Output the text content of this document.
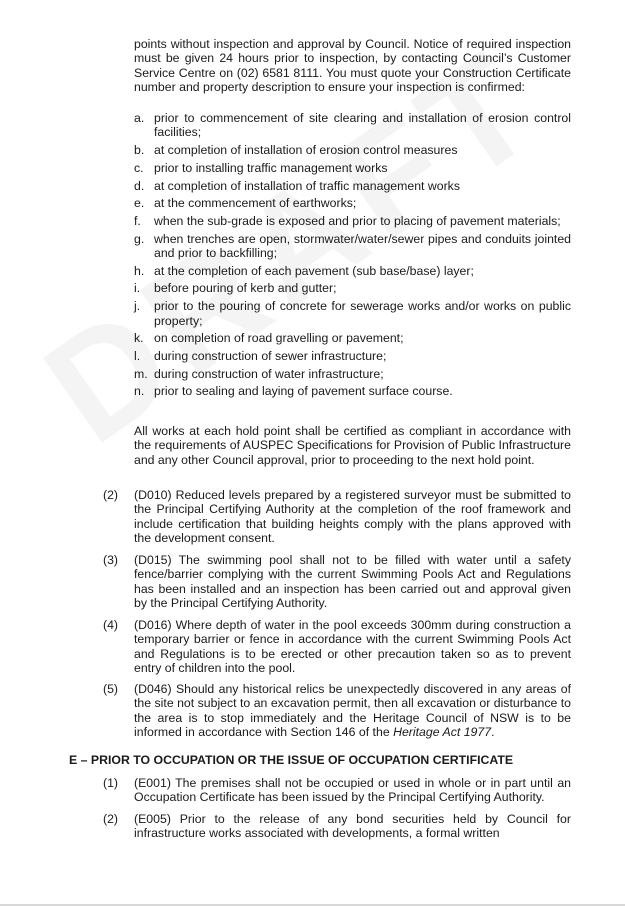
points without inspection and approval by Council. Notice of required inspection must be given 24 hours prior to inspection, by contacting Council’s Customer Service Centre on (02) 6581 8111. You must quote your Construction Certificate number and property description to ensure your inspection is confirmed:

a. prior to commencement of site clearing and installation of erosion control facilities;
b. at completion of installation of erosion control measures
c. prior to installing traffic management works
d. at completion of installation of traffic management works
e. at the commencement of earthworks;
f. when the sub-grade is exposed and prior to placing of pavement materials;
g. when trenches are open, stormwater/water/sewer pipes and conduits jointed and prior to backfilling;
h. at the completion of each pavement (sub base/base) layer;
i. before pouring of kerb and gutter;
j. prior to the pouring of concrete for sewerage works and/or works on public property;
k. on completion of road gravelling or pavement;
l. during construction of sewer infrastructure;
m. during construction of water infrastructure;
n. prior to sealing and laying of pavement surface course.

All works at each hold point shall be certified as compliant in accordance with the requirements of AUSPEC Specifications for Provision of Public Infrastructure and any other Council approval, prior to proceeding to the next hold point.

(2) (D010) Reduced levels prepared by a registered surveyor must be submitted to the Principal Certifying Authority at the completion of the roof framework and include certification that building heights comply with the plans approved with the development consent.

(3) (D015) The swimming pool shall not to be filled with water until a safety fence/barrier complying with the current Swimming Pools Act and Regulations has been installed and an inspection has been carried out and approval given by the Principal Certifying Authority.

(4) (D016) Where depth of water in the pool exceeds 300mm during construction a temporary barrier or fence in accordance with the current Swimming Pools Act and Regulations is to be erected or other precaution taken so as to prevent entry of children into the pool.

(5) (D046) Should any historical relics be unexpectedly discovered in any areas of the site not subject to an excavation permit, then all excavation or disturbance to the area is to stop immediately and the Heritage Council of NSW is to be informed in accordance with Section 146 of the Heritage Act 1977.

E – PRIOR TO OCCUPATION OR THE ISSUE OF OCCUPATION CERTIFICATE
(1) (E001) The premises shall not be occupied or used in whole or in part until an Occupation Certificate has been issued by the Principal Certifying Authority.

(2) (E005) Prior to the release of any bond securities held by Council for infrastructure works associated with developments, a formal written
